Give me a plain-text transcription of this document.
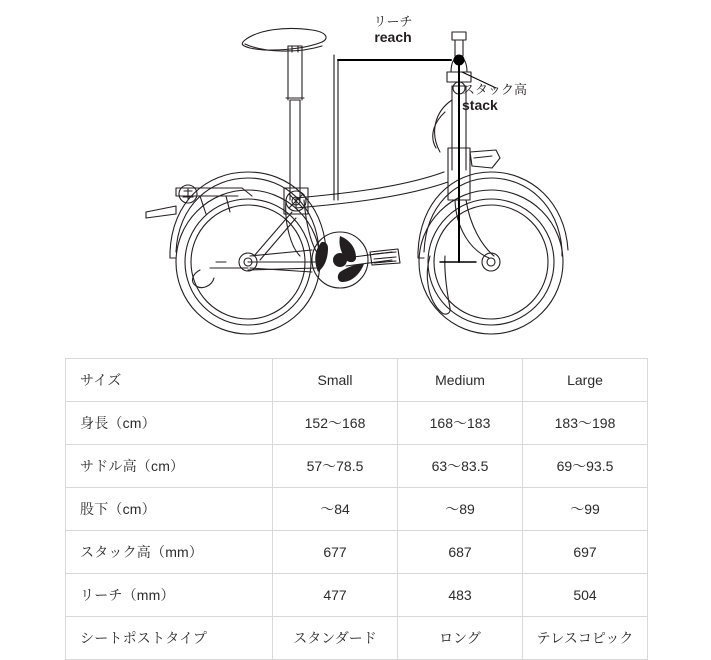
リーチ
reach
スタック高
stack
サイズ	Small	Medium	Large
身長（cm）	152〜168	168〜183	183〜198
サドル高（cm）	57〜78.5	63〜83.5	69〜93.5
股下（cm）	〜84	〜89	〜99
スタック高（mm）	677	687	697
リーチ（mm）	477	483	504
シートポストタイプ	スタンダード	ロング	テレスコピック
